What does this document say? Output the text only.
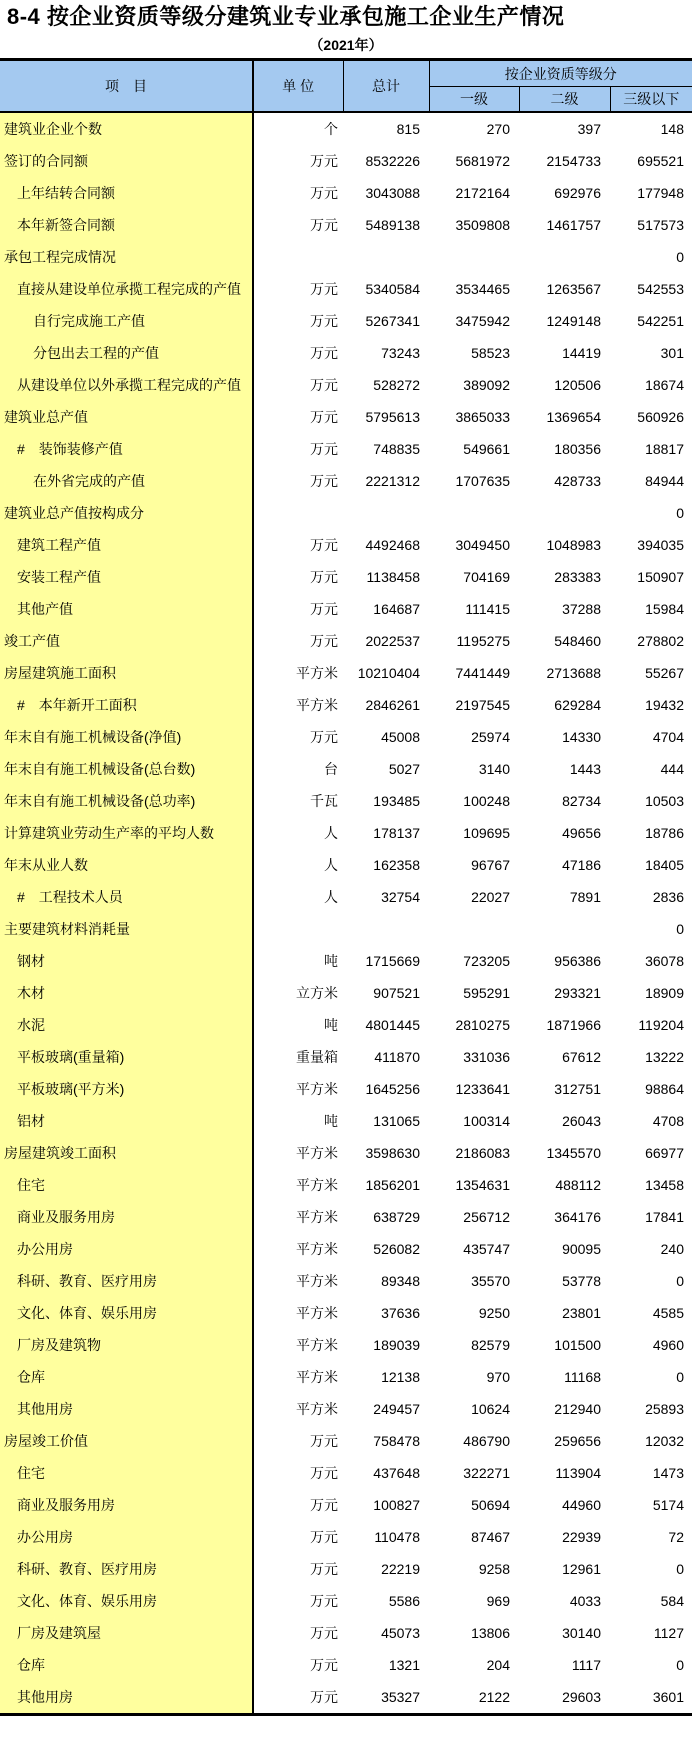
8-4 按企业资质等级分建筑业专业承包施工企业生产情况
（2021年）
项　目	单 位	总计	按企业资质等级分		
			一级	二级	三级以下
建筑业企业个数	个	815	270	397	148
签订的合同额	万元	8532226	5681972	2154733	695521
上年结转合同额	万元	3043088	2172164	692976	177948
本年新签合同额	万元	5489138	3509808	1461757	517573
承包工程完成情况					0
直接从建设单位承揽工程完成的产值	万元	5340584	3534465	1263567	542553
自行完成施工产值	万元	5267341	3475942	1249148	542251
分包出去工程的产值	万元	73243	58523	14419	301
从建设单位以外承揽工程完成的产值	万元	528272	389092	120506	18674
建筑业总产值	万元	5795613	3865033	1369654	560926
#　装饰装修产值	万元	748835	549661	180356	18817
在外省完成的产值	万元	2221312	1707635	428733	84944
建筑业总产值按构成分					0
建筑工程产值	万元	4492468	3049450	1048983	394035
安装工程产值	万元	1138458	704169	283383	150907
其他产值	万元	164687	111415	37288	15984
竣工产值	万元	2022537	1195275	548460	278802
房屋建筑施工面积	平方米	10210404	7441449	2713688	55267
#　本年新开工面积	平方米	2846261	2197545	629284	19432
年末自有施工机械设备(净值)	万元	45008	25974	14330	4704
年末自有施工机械设备(总台数)	台	5027	3140	1443	444
年末自有施工机械设备(总功率)	千瓦	193485	100248	82734	10503
计算建筑业劳动生产率的平均人数	人	178137	109695	49656	18786
年末从业人数	人	162358	96767	47186	18405
#　工程技术人员	人	32754	22027	7891	2836
主要建筑材料消耗量					0
钢材	吨	1715669	723205	956386	36078
木材	立方米	907521	595291	293321	18909
水泥	吨	4801445	2810275	1871966	119204
平板玻璃(重量箱)	重量箱	411870	331036	67612	13222
平板玻璃(平方米)	平方米	1645256	1233641	312751	98864
铝材	吨	131065	100314	26043	4708
房屋建筑竣工面积	平方米	3598630	2186083	1345570	66977
住宅	平方米	1856201	1354631	488112	13458
商业及服务用房	平方米	638729	256712	364176	17841
办公用房	平方米	526082	435747	90095	240
科研、教育、医疗用房	平方米	89348	35570	53778	0
文化、体育、娱乐用房	平方米	37636	9250	23801	4585
厂房及建筑物	平方米	189039	82579	101500	4960
仓库	平方米	12138	970	11168	0
其他用房	平方米	249457	10624	212940	25893
房屋竣工价值	万元	758478	486790	259656	12032
住宅	万元	437648	322271	113904	1473
商业及服务用房	万元	100827	50694	44960	5174
办公用房	万元	110478	87467	22939	72
科研、教育、医疗用房	万元	22219	9258	12961	0
文化、体育、娱乐用房	万元	5586	969	4033	584
厂房及建筑屋	万元	45073	13806	30140	1127
仓库	万元	1321	204	1117	0
其他用房	万元	35327	2122	29603	3601
